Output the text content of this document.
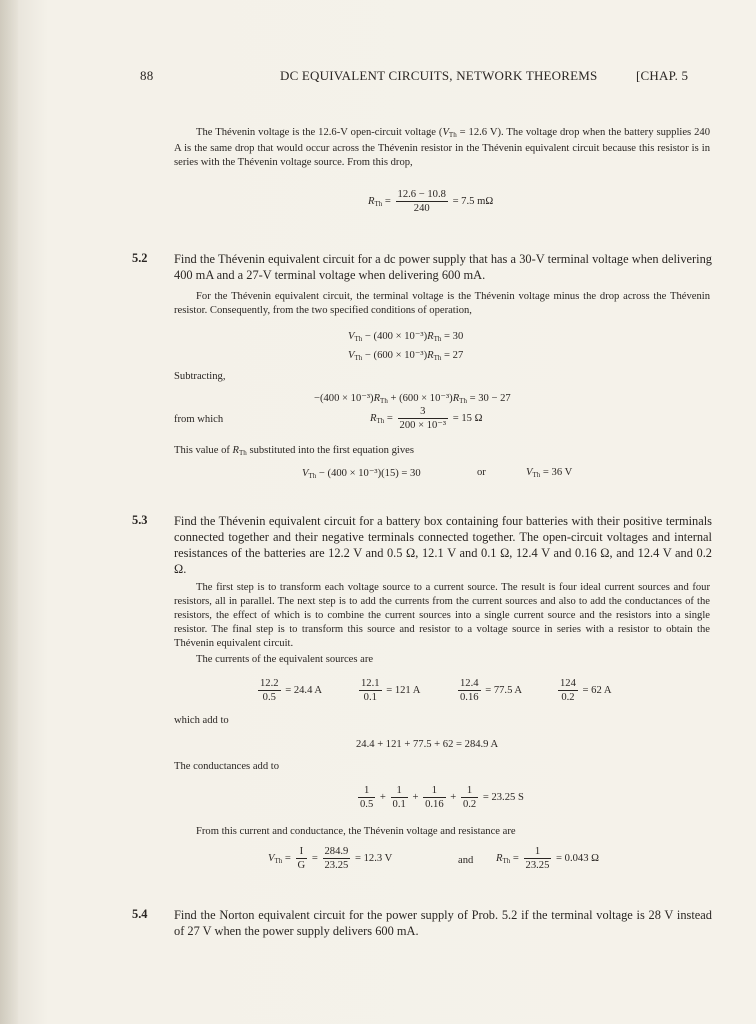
88	DC EQUIVALENT CIRCUITS, NETWORK THEOREMS	[CHAP. 5
The Thévenin voltage is the 12.6-V open-circuit voltage ($V_{Th} = 12.6$ V). The voltage drop when the battery supplies 240 A is the same drop that would occur across the Thévenin resistor in the Thévenin equivalent circuit because this resistor is in series with the Thévenin voltage source. From this drop,
$R_{Th} = \frac{12.6 - 10.8}{240} = 7.5$ mΩ
5.2 Find the Thévenin equivalent circuit for a dc power supply that has a 30-V terminal voltage when delivering 400 mA and a 27-V terminal voltage when delivering 600 mA.
For the Thévenin equivalent circuit, the terminal voltage is the Thévenin voltage minus the drop across the Thévenin resistor. Consequently, from the two specified conditions of operation,
$V_{Th} - (400 \times 10^{-3})R_{Th} = 30$
$V_{Th} - (600 \times 10^{-3})R_{Th} = 27$
Subtracting,
$-(400 \times 10^{-3})R_{Th} + (600 \times 10^{-3})R_{Th} = 30 - 27$
from which	$R_{Th} = \frac{3}{\text{200 × 10⁻³}} = 15$ Ω
This value of $R_{Th}$ substituted into the first equation gives
$V_{Th} - (400 \times 10^{-3})(15) = 30$	or	$V_{Th} = 36$ V
5.3 Find the Thévenin equivalent circuit for a battery box containing four batteries with their positive terminals connected together and their negative terminals connected together. The open-circuit voltages and internal resistances of the batteries are 12.2 V and 0.5 Ω, 12.1 V and 0.1 Ω, 12.4 V and 0.16 Ω, and 12.4 V and 0.2 Ω.
The first step is to transform each voltage source to a current source. The result is four ideal current sources and four resistors, all in parallel. The next step is to add the currents from the current sources and also to add the conductances of the resistors, the effect of which is to combine the current sources into a single current source and the resistors into a single resistor. The final step is to transform this source and resistor to a voltage source in series with a resistor to obtain the Thévenin equivalent circuit.
The currents of the equivalent sources are
$\frac{12.2}{0.5} = 24.4$ A	$\frac{12.1}{0.1} = 121$ A	$\frac{12.4}{0.16} = 77.5$ A	$\frac{124}{0.2} = 62$ A
which add to
24.4 + 121 + 77.5 + 62 = 284.9 A
The conductances add to
$\frac{1}{0.5} + \frac{1}{0.1} + \frac{1}{0.16} + \frac{1}{0.2} = 23.25$ S
From this current and conductance, the Thévenin voltage and resistance are
$V_{Th} = \frac{I}{G} = \frac{284.9}{23.25} = 12.3$ V	and $R_{Th} = \frac{1}{23.25} = 0.043$ Ω
5.4 Find the Norton equivalent circuit for the power supply of Prob. 5.2 if the terminal voltage is 28 V instead of 27 V when the power supply delivers 600 mA.
